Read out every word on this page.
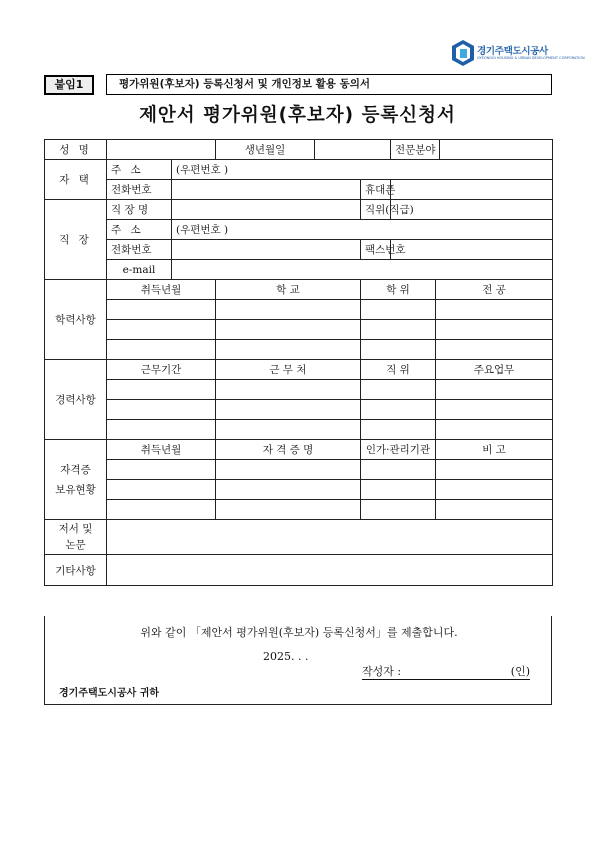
경기주택도시공사
GYEONGGI HOUSING & URBAN DEVELOPMENT CORPORATION
붙임1	평가위원(후보자) 등록신청서 및 개인정보 활용 동의서
제안서 평가위원(후보자) 등록신청서
성 명			생년월일			전문분야		
자 택	주 소	(우편번호 )						
	전화번호				휴대폰			
직 장	직 장 명				직위(직급)			
	주 소	(우편번호 )						
	전화번호				팩스번호			
	e-mail							
학력사항	취득년월		학 교		학 위		전 공	

경력사항	근무기간		근 무 처		직 위		주요업무	

자격증
보유현황	취득년월		자 격 증 명		인가·관리기관		비 고	

저서 및
논문								
기타사항								
위와 같이 「제안서 평가위원(후보자) 등록신청서」를 제출합니다.
2025. . .
작성자 :	(인)
경기주택도시공사 귀하
